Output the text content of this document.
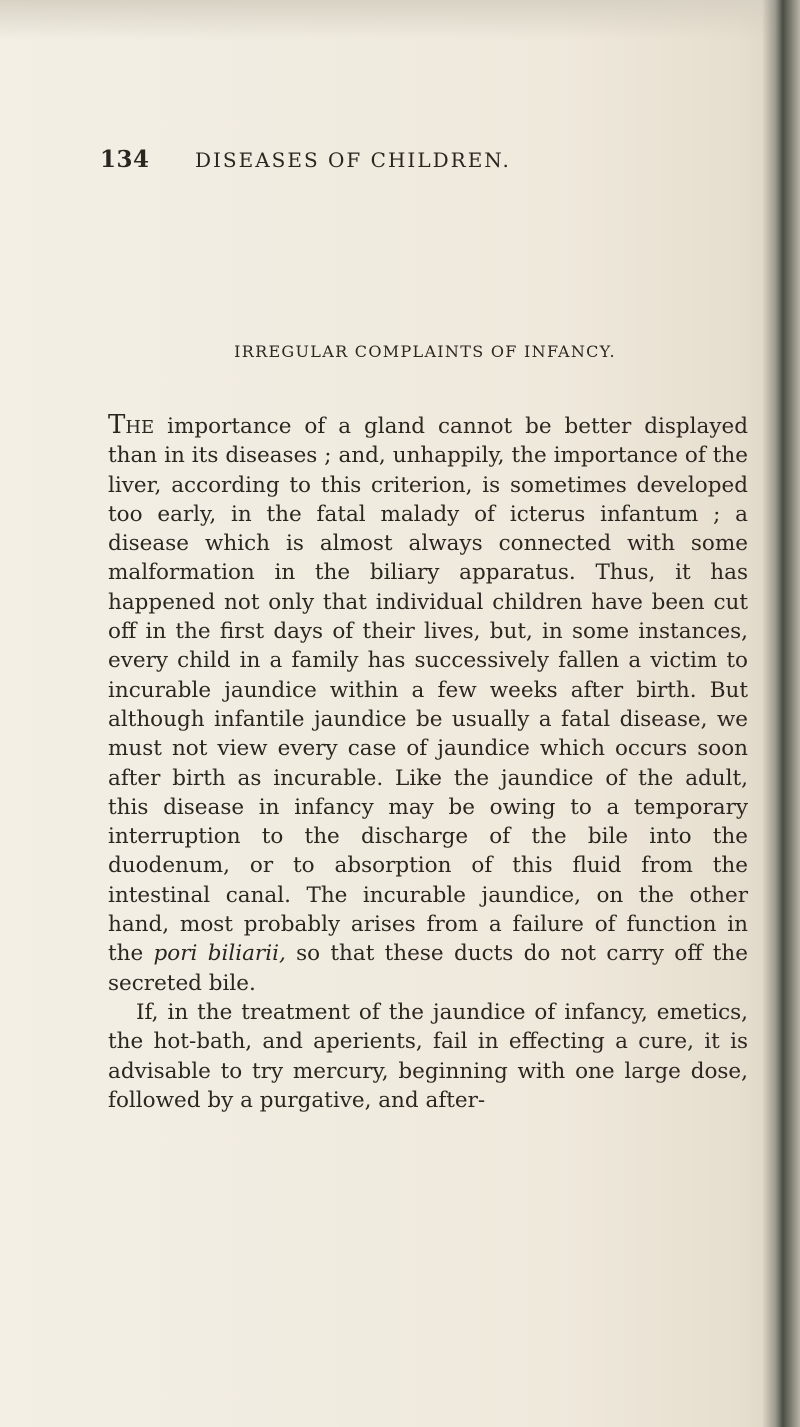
134 DISEASES OF CHILDREN.
IRREGULAR COMPLAINTS OF INFANCY.

The importance of a gland cannot be better displayed than in its diseases ; and, unhappily, the importance of the liver, according to this criterion, is sometimes developed too early, in the fatal malady of icterus infantum ; a disease which is almost always connected with some malformation in the biliary apparatus. Thus, it has happened not only that individual children have been cut off in the first days of their lives, but, in some instances, every child in a family has successively fallen a victim to incurable jaundice within a few weeks after birth. But although infantile jaundice be usually a fatal disease, we must not view every case of jaundice which occurs soon after birth as incurable. Like the jaundice of the adult, this disease in infancy may be owing to a temporary interruption to the discharge of the bile into the duodenum, or to absorption of this fluid from the intestinal canal. The incurable jaundice, on the other hand, most probably arises from a failure of function in the pori biliarii, so that these ducts do not carry off the secreted bile.

If, in the treatment of the jaundice of infancy, emetics, the hot-bath, and aperients, fail in effecting a cure, it is advisable to try mercury, beginning with one large dose, followed by a purgative, and after-
